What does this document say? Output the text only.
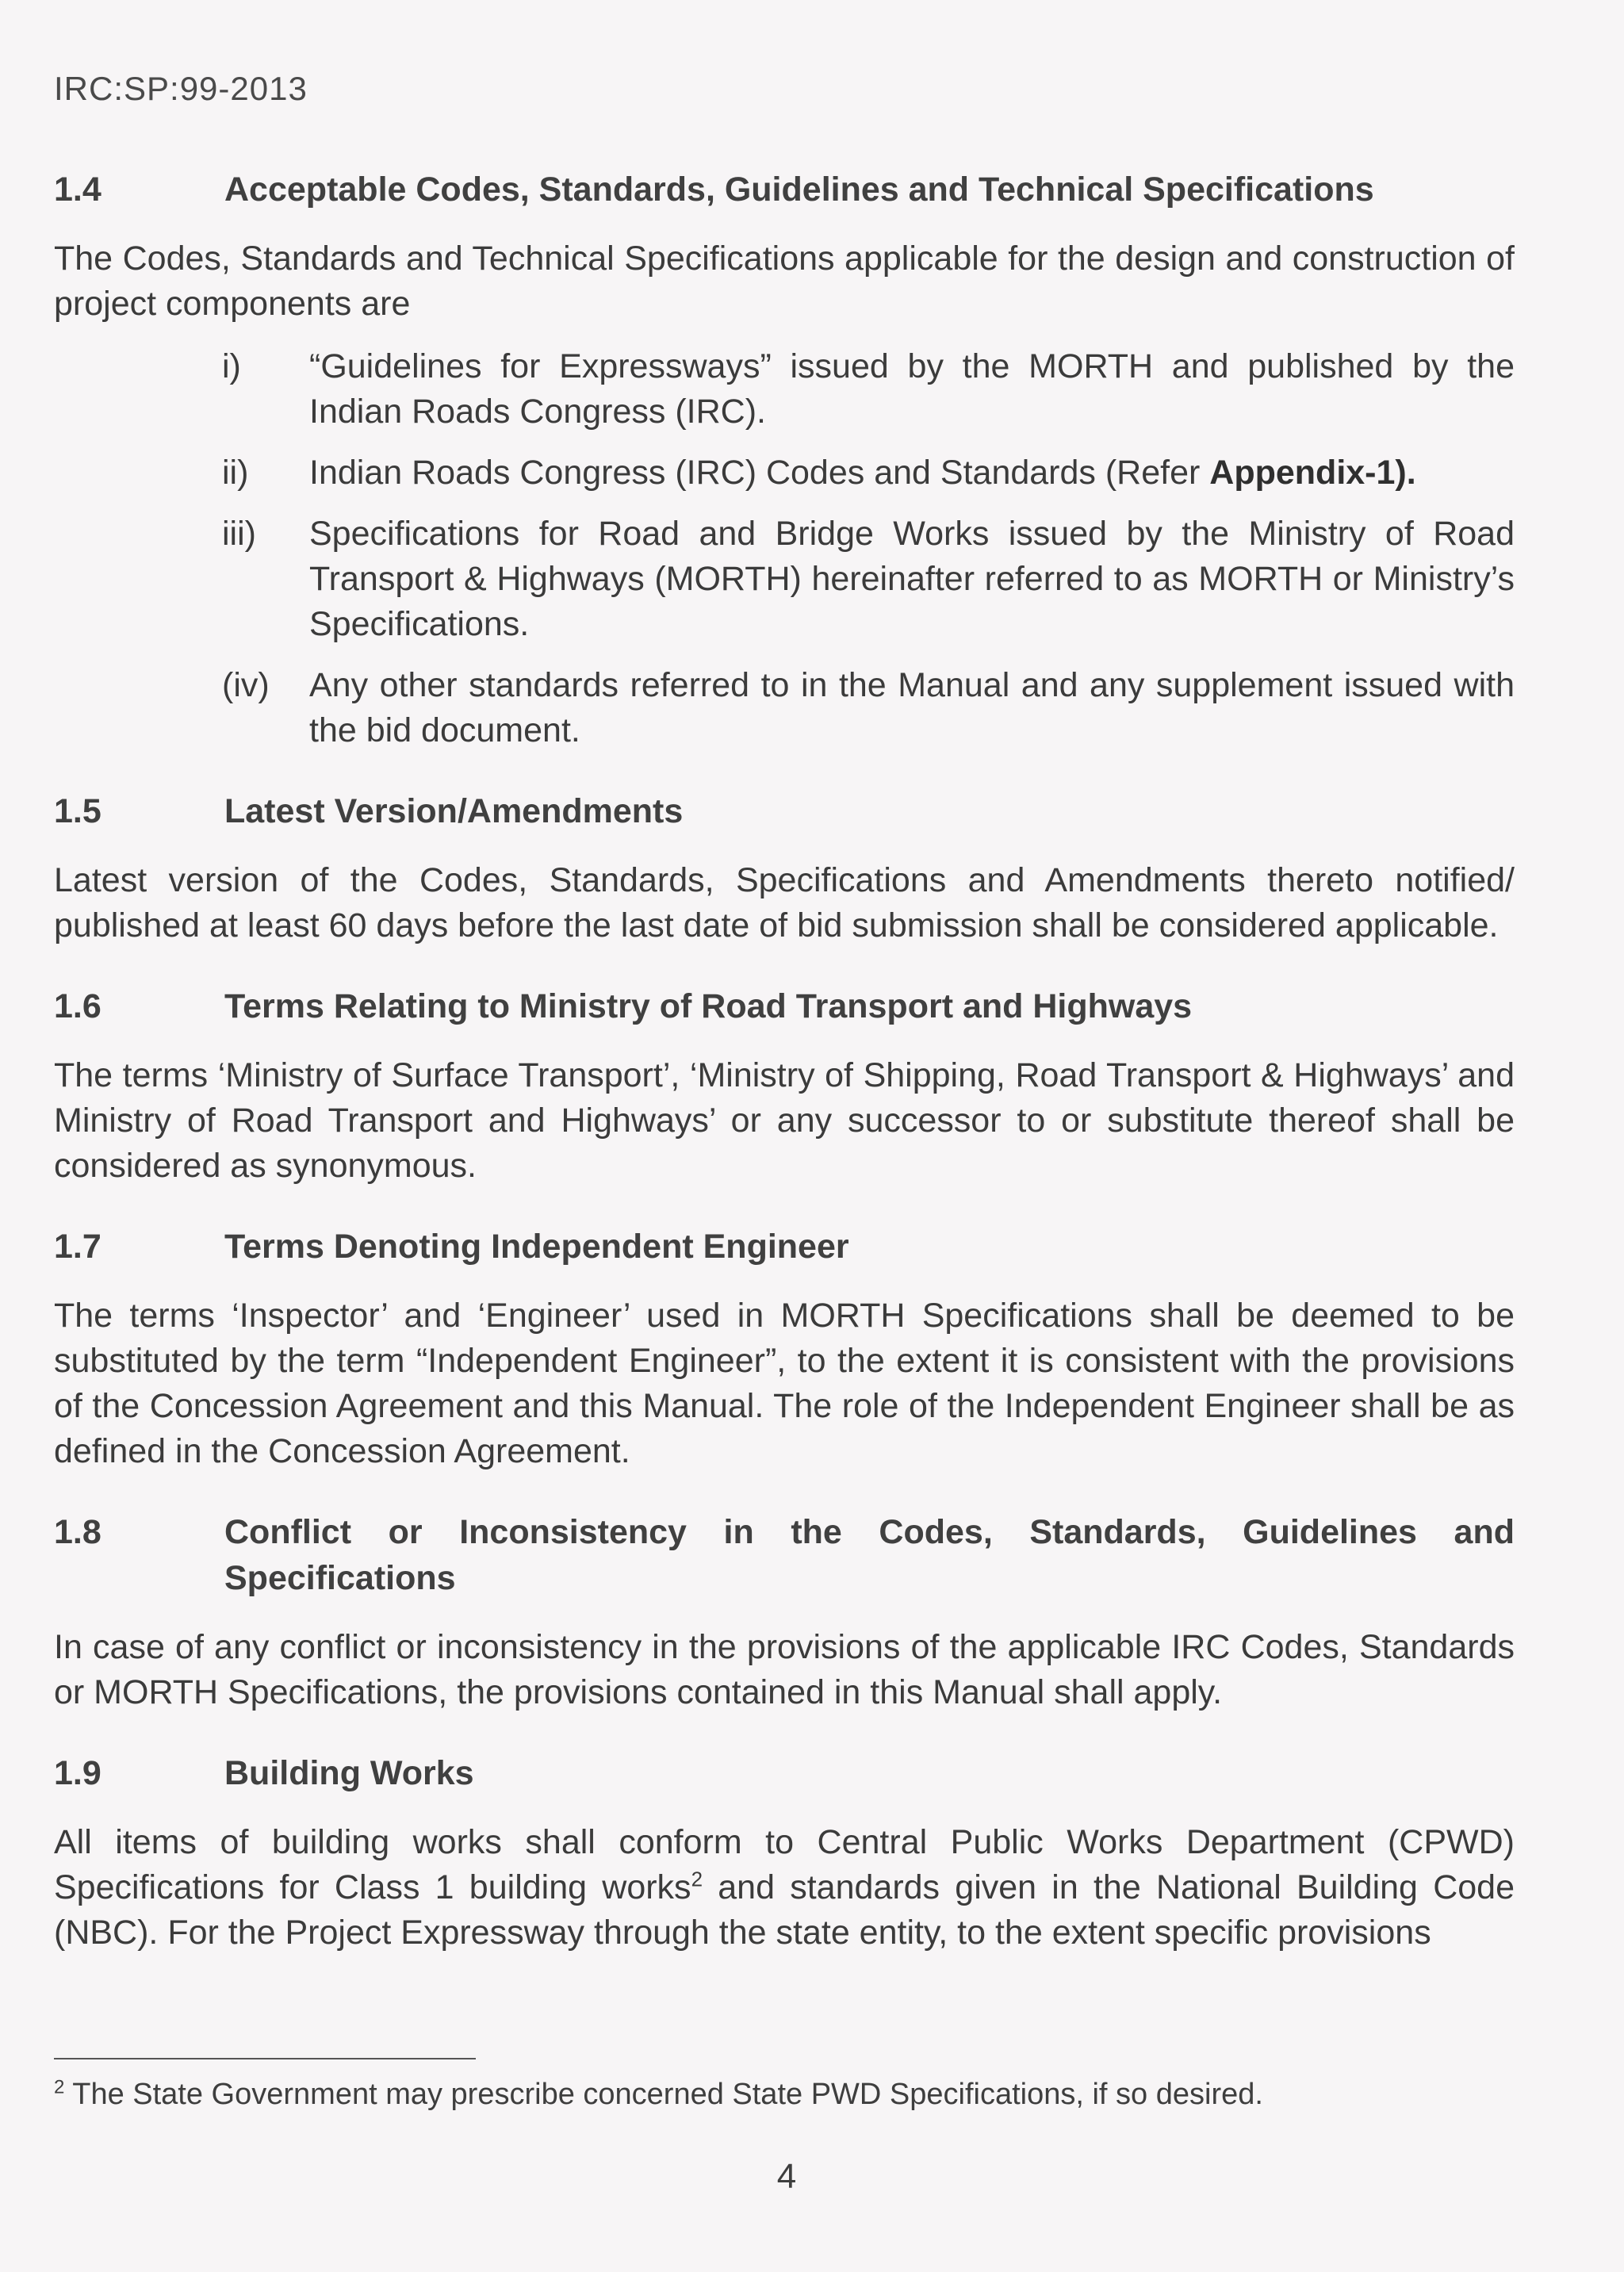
IRC:SP:99-2013
1.4	Acceptable Codes, Standards, Guidelines and Technical Specifications

The Codes, Standards and Technical Specifications applicable for the design and construction of project components are

i)	“Guidelines for Expressways” issued by the MORTH and published by the Indian Roads Congress (IRC).
ii)	Indian Roads Congress (IRC) Codes and Standards (Refer Appendix-1).
iii)	Specifications for Road and Bridge Works issued by the Ministry of Road Transport & Highways (MORTH) hereinafter referred to as MORTH or Ministry’s Specifications.
(iv)	Any other standards referred to in the Manual and any supplement issued with the bid document.
1.5	Latest Version/Amendments

Latest version of the Codes, Standards, Specifications and Amendments thereto notified/ published at least 60 days before the last date of bid submission shall be considered applicable.

1.6	Terms Relating to Ministry of Road Transport and Highways

The terms ‘Ministry of Surface Transport’, ‘Ministry of Shipping, Road Transport & Highways’ and Ministry of Road Transport and Highways’ or any successor to or substitute thereof shall be considered as synonymous.

1.7	Terms Denoting Independent Engineer

The terms ‘Inspector’ and ‘Engineer’ used in MORTH Specifications shall be deemed to be substituted by the term “Independent Engineer”, to the extent it is consistent with the provisions of the Concession Agreement and this Manual. The role of the Independent Engineer shall be as defined in the Concession Agreement.

1.8	Conflict or Inconsistency in the Codes, Standards, Guidelines and Specifications

In case of any conflict or inconsistency in the provisions of the applicable IRC Codes, Standards or MORTH Specifications, the provisions contained in this Manual shall apply.

1.9	Building Works

All items of building works shall conform to Central Public Works Department (CPWD) Specifications for Class 1 building works$^2$ and standards given in the National Building Code (NBC). For the Project Expressway through the state entity, to the extent specific provisions

$^2$ The State Government may prescribe concerned State PWD Specifications, if so desired.
4
